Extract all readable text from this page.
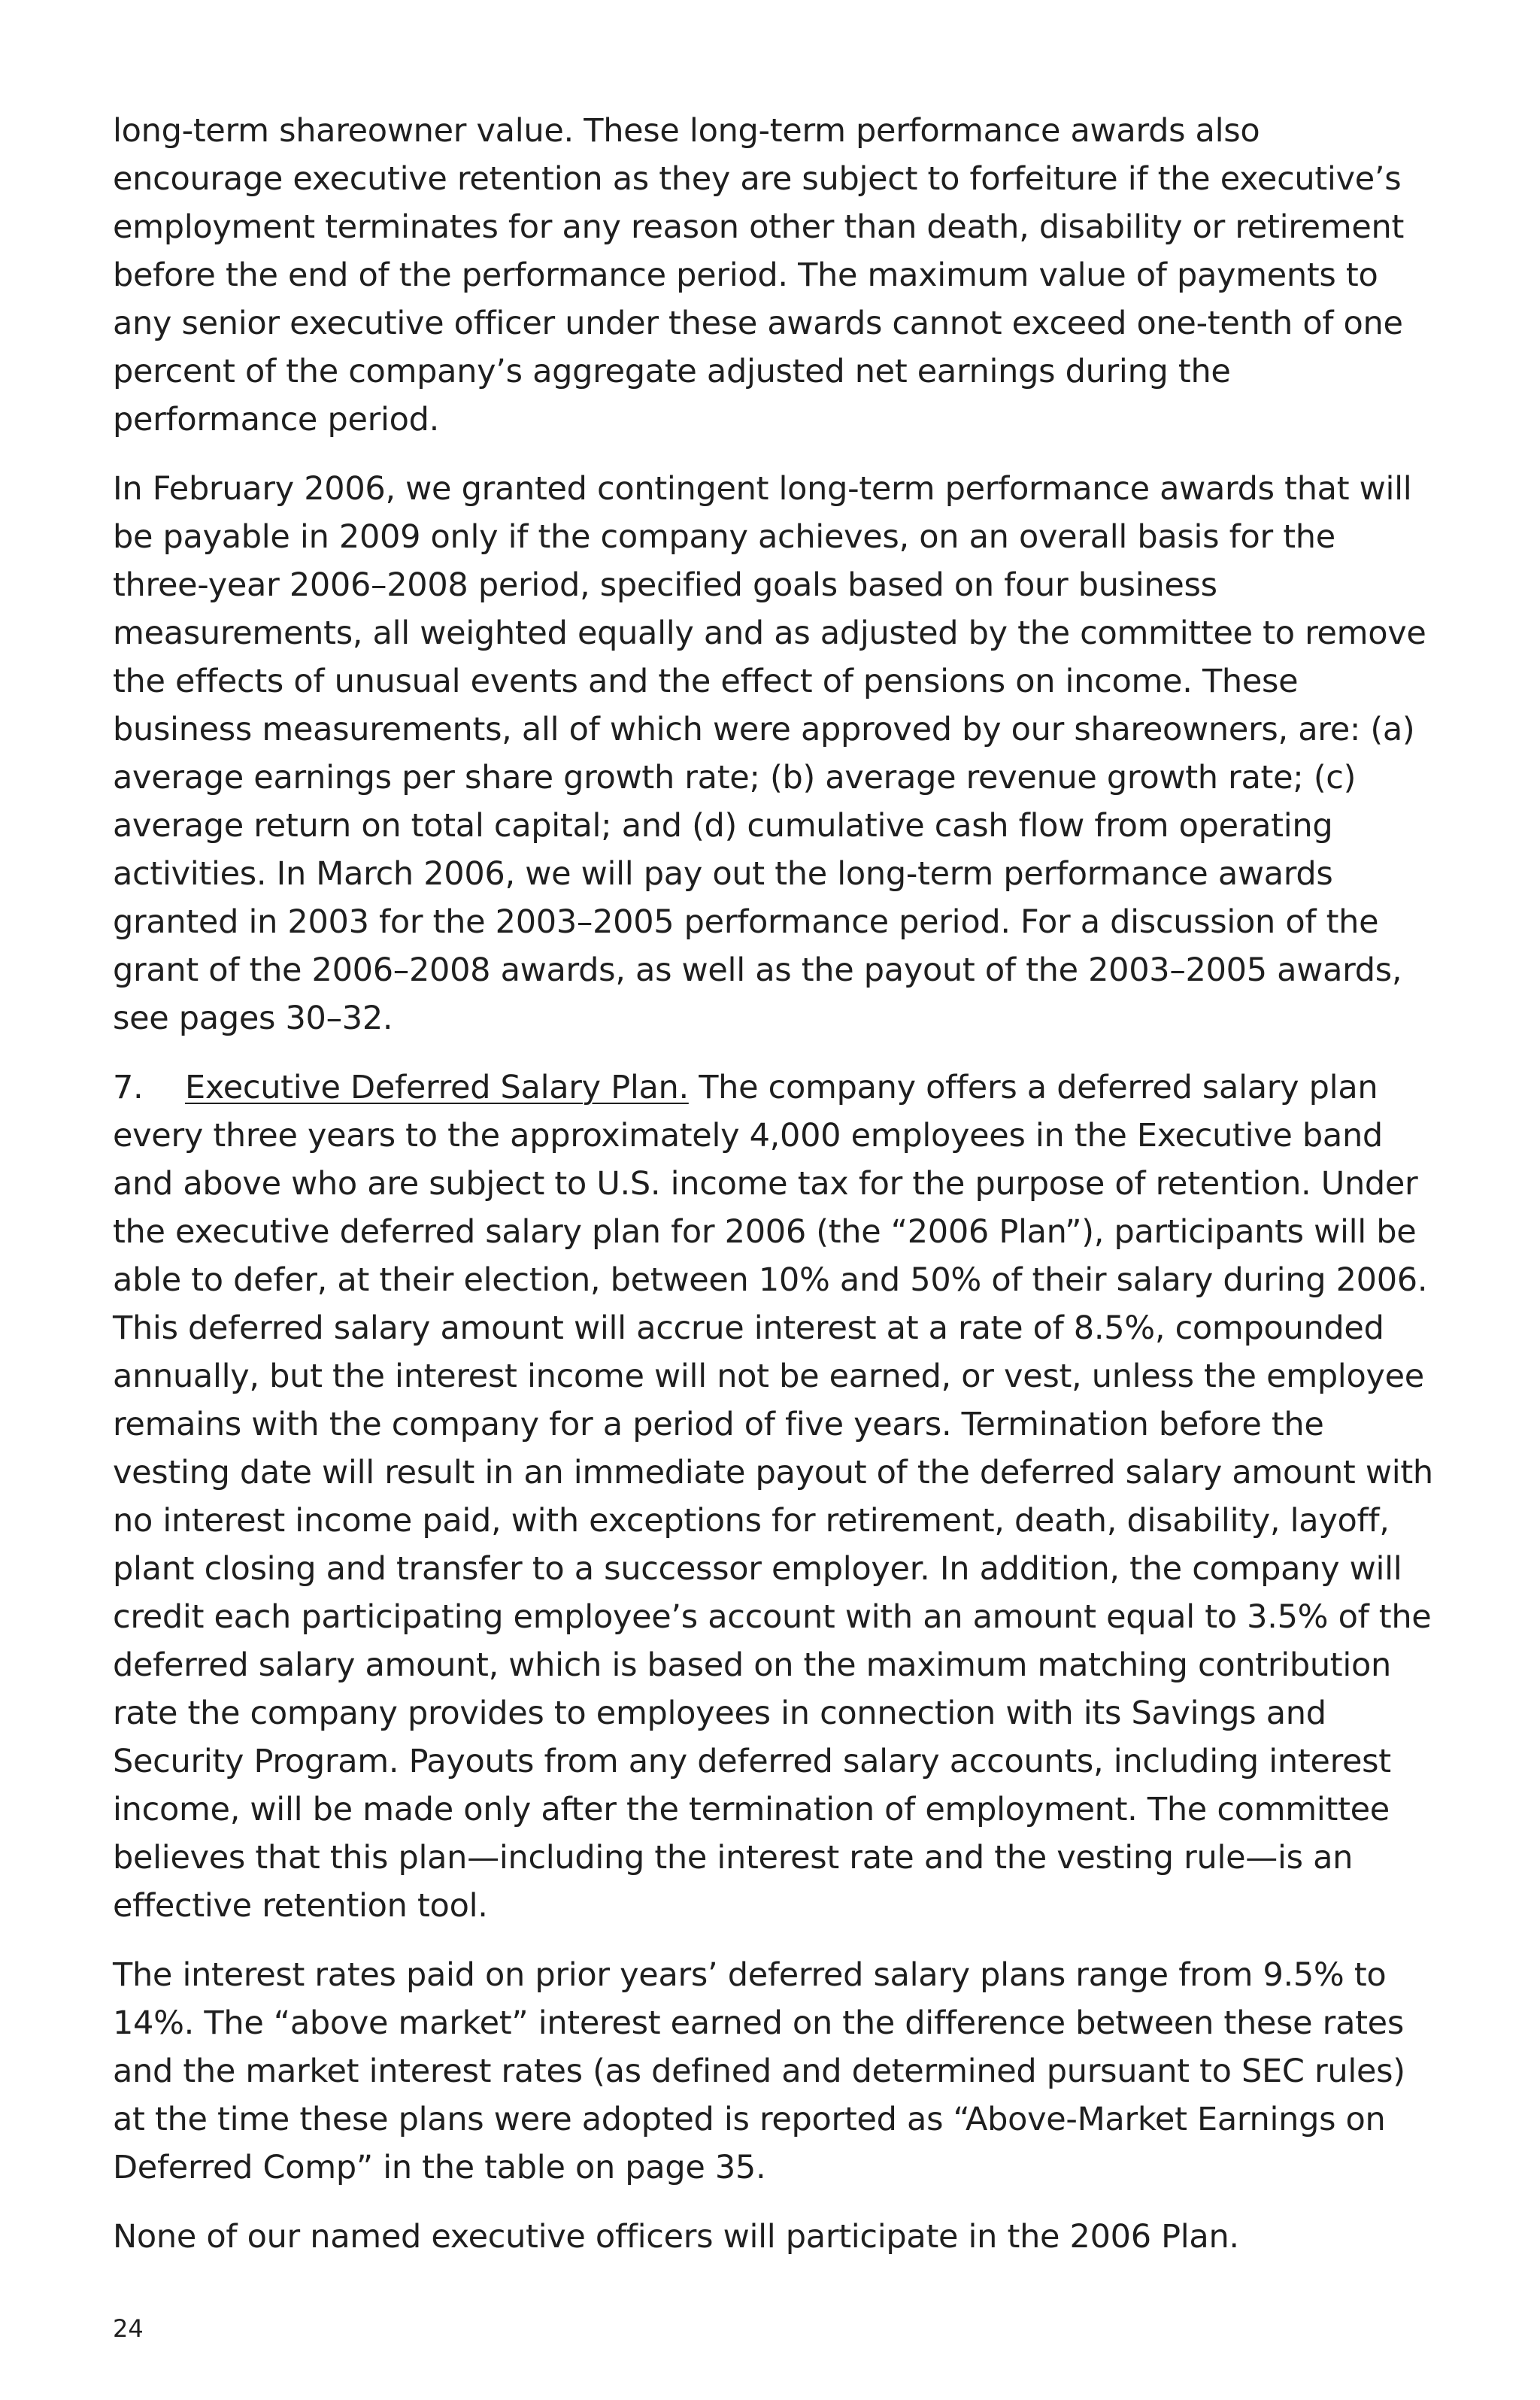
long-term shareowner value. These long-term performance awards also encourage executive retention as they are subject to forfeiture if the executive’s employment terminates for any reason other than death, disability or retirement before the end of the performance period. The maximum value of payments to any senior executive officer under these awards cannot exceed one-tenth of one percent of the company’s aggregate adjusted net earnings during the performance period.

In February 2006, we granted contingent long-term performance awards that will be payable in 2009 only if the company achieves, on an overall basis for the three-year 2006–2008 period, specified goals based on four business measurements, all weighted equally and as adjusted by the committee to remove the effects of unusual events and the effect of pensions on income. These business measurements, all of which were approved by our shareowners, are: (a) average earnings per share growth rate; (b) average revenue growth rate; (c) average return on total capital; and (d) cumulative cash flow from operating activities. In March 2006, we will pay out the long-term performance awards granted in 2003 for the 2003–2005 performance period. For a discussion of the grant of the 2006–2008 awards, as well as the payout of the 2003–2005 awards, see pages 30–32.

7. Executive Deferred Salary Plan. The company offers a deferred salary plan every three years to the approximately 4,000 employees in the Executive band and above who are subject to U.S. income tax for the purpose of retention. Under the executive deferred salary plan for 2006 (the “2006 Plan”), participants will be able to defer, at their election, between 10% and 50% of their salary during 2006. This deferred salary amount will accrue interest at a rate of 8.5%, compounded annually, but the interest income will not be earned, or vest, unless the employee remains with the company for a period of five years. Termination before the vesting date will result in an immediate payout of the deferred salary amount with no interest income paid, with exceptions for retirement, death, disability, layoff, plant closing and transfer to a successor employer. In addition, the company will credit each participating employee’s account with an amount equal to 3.5% of the deferred salary amount, which is based on the maximum matching contribution rate the company provides to employees in connection with its Savings and Security Program. Payouts from any deferred salary accounts, including interest income, will be made only after the termination of employment. The committee believes that this plan—including the interest rate and the vesting rule—is an effective retention tool.

The interest rates paid on prior years’ deferred salary plans range from 9.5% to 14%. The “above market” interest earned on the difference between these rates and the market interest rates (as defined and determined pursuant to SEC rules) at the time these plans were adopted is reported as “Above-Market Earnings on Deferred Comp” in the table on page 35.

None of our named executive officers will participate in the 2006 Plan.

24
